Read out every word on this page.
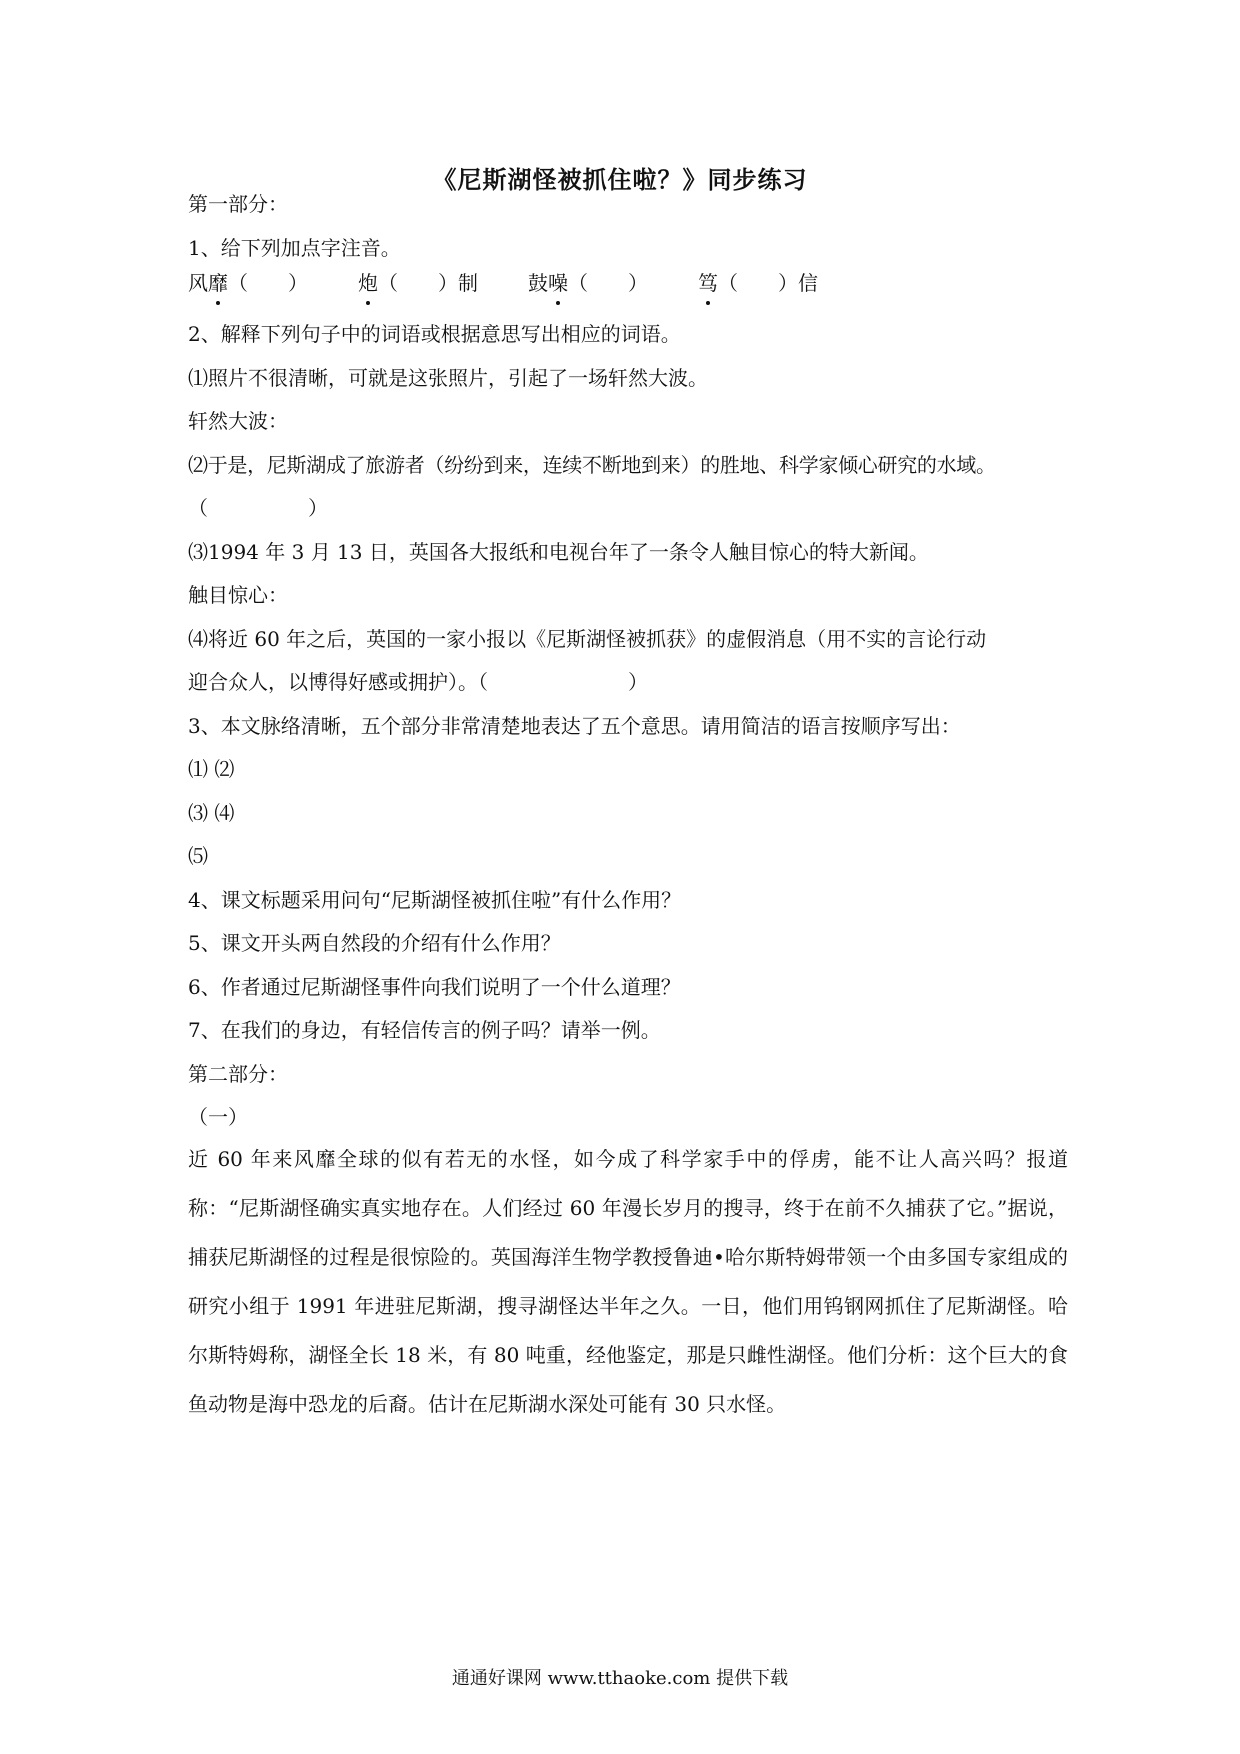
《尼斯湖怪被抓住啦？》同步练习
第一部分：
1、给下列加点字注音。
风靡（　　）	炮（　　）制	鼓噪（　　）	笃（　　）信
2、解释下列句子中的词语或根据意思写出相应的词语。
⑴照片不很清晰，可就是这张照片，引起了一场轩然大波。
轩然大波：
⑵于是，尼斯湖成了旅游者（纷纷到来，连续不断地到来）的胜地、科学家倾心研究的水域。
（　　　　　）
⑶1994 年 3 月 13 日，英国各大报纸和电视台年了一条令人触目惊心的特大新闻。
触目惊心：
⑷将近 60 年之后，英国的一家小报以《尼斯湖怪被抓获》的虚假消息（用不实的言论行动
迎合众人，以博得好感或拥护）。（　　　　　　　）
3、本文脉络清晰，五个部分非常清楚地表达了五个意思。请用简洁的语言按顺序写出：
⑴ ⑵
⑶ ⑷
⑸
4、课文标题采用问句“尼斯湖怪被抓住啦”有什么作用？
5、课文开头两自然段的介绍有什么作用？
6、作者通过尼斯湖怪事件向我们说明了一个什么道理？
7、在我们的身边，有轻信传言的例子吗？请举一例。
第二部分：
（一）
近 60 年来风靡全球的似有若无的水怪，如今成了科学家手中的俘虏，能不让人高兴吗？报道称：“尼斯湖怪确实真实地存在。人们经过 60 年漫长岁月的搜寻，终于在前不久捕获了它。”据说，捕获尼斯湖怪的过程是很惊险的。英国海洋生物学教授鲁迪•哈尔斯特姆带领一个由多国专家组成的研究小组于 1991 年进驻尼斯湖，搜寻湖怪达半年之久。一日，他们用钨钢网抓住了尼斯湖怪。哈尔斯特姆称，湖怪全长 18 米，有 80 吨重，经他鉴定，那是只雌性湖怪。他们分析：这个巨大的食鱼动物是海中恐龙的后裔。估计在尼斯湖水深处可能有 30 只水怪。
通通好课网 www.tthaoke.com 提供下载
